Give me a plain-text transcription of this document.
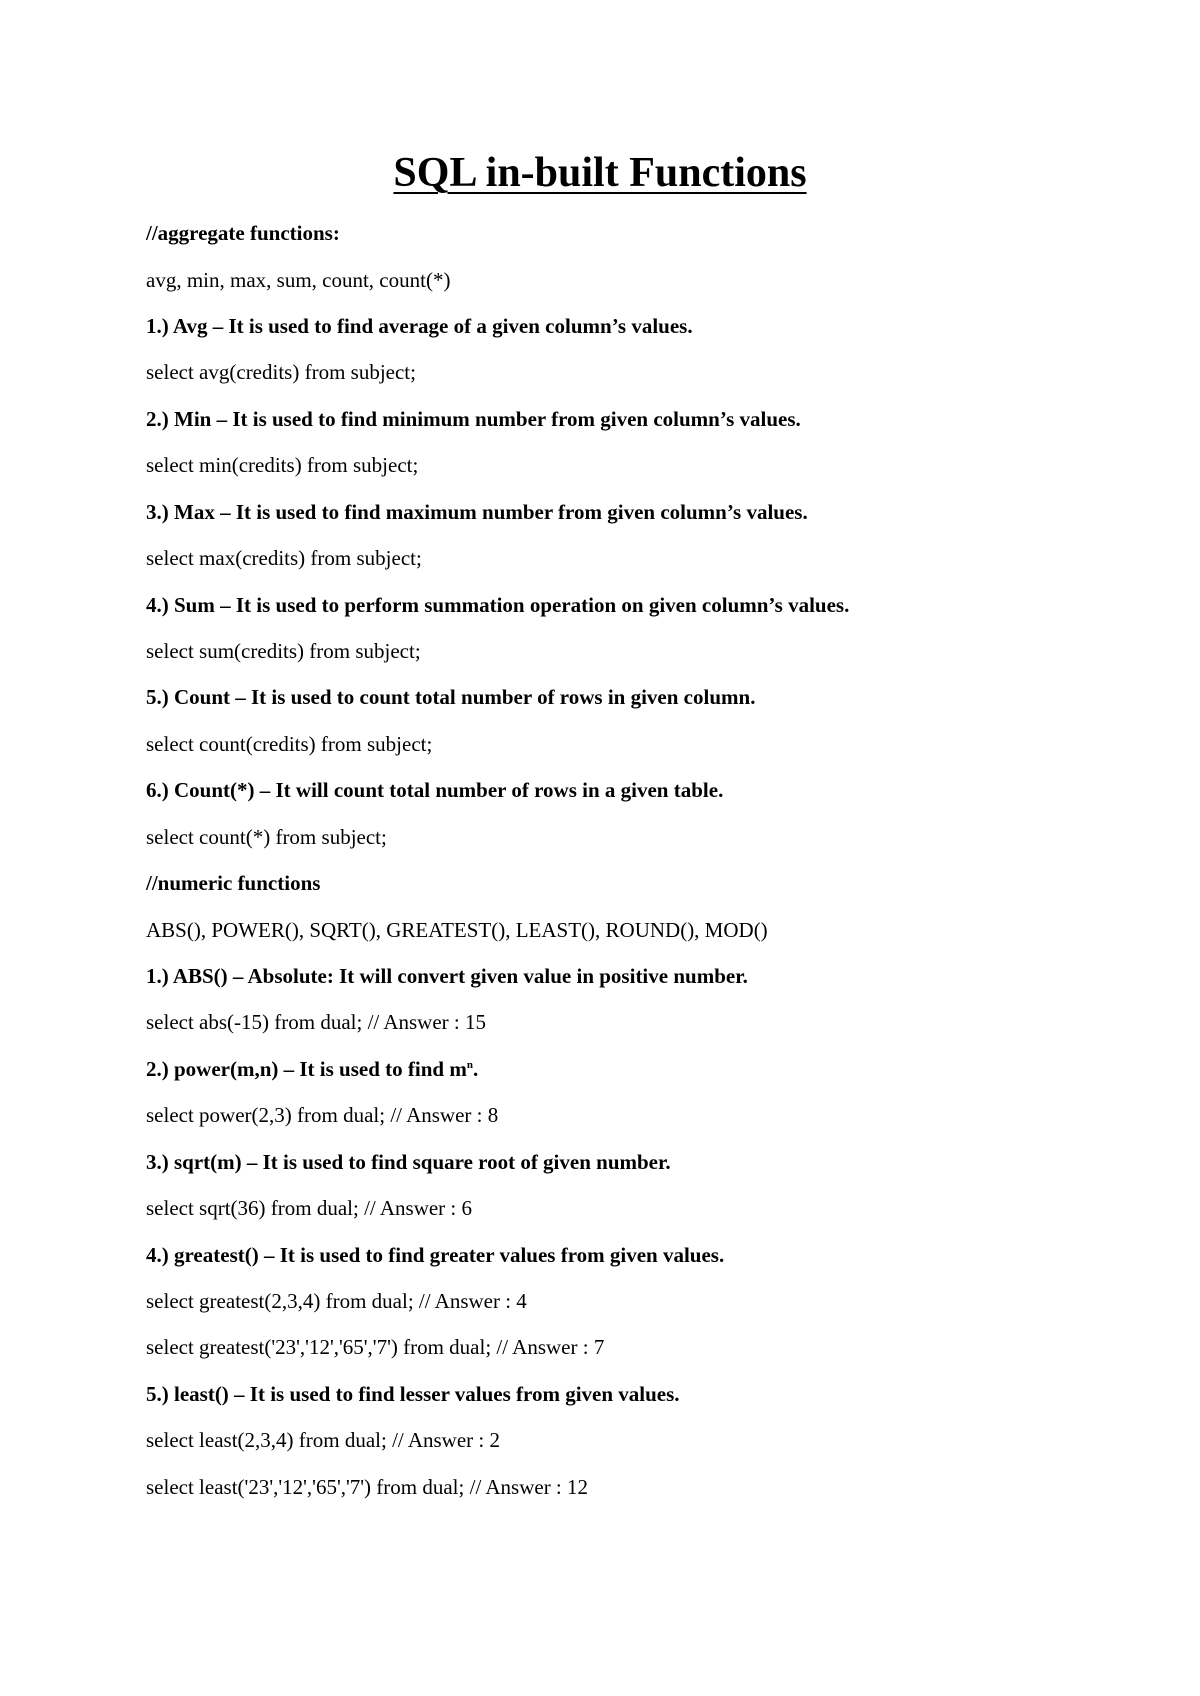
SQL in-built Functions

//aggregate functions:

avg, min, max, sum, count, count(*)

1.) Avg – It is used to find average of a given column’s values.

select avg(credits) from subject;

2.) Min – It is used to find minimum number from given column’s values.

select min(credits) from subject;

3.) Max – It is used to find maximum number from given column’s values.

select max(credits) from subject;

4.) Sum – It is used to perform summation operation on given column’s values.

select sum(credits) from subject;

5.) Count – It is used to count total number of rows in given column.

select count(credits) from subject;

6.) Count(*) – It will count total number of rows in a given table.

select count(*) from subject;

//numeric functions

ABS(), POWER(), SQRT(), GREATEST(), LEAST(), ROUND(), MOD()

1.) ABS() – Absolute: It will convert given value in positive number.

select abs(-15) from dual; // Answer : 15

2.) power(m,n) – It is used to find $m^n$.

select power(2,3) from dual; // Answer : 8

3.) sqrt(m) – It is used to find square root of given number.

select sqrt(36) from dual; // Answer : 6

4.) greatest() – It is used to find greater values from given values.

select greatest(2,3,4) from dual; // Answer : 4

select greatest('23','12','65','7') from dual; // Answer : 7

5.) least() – It is used to find lesser values from given values.

select least(2,3,4) from dual; // Answer : 2

select least('23','12','65','7') from dual; // Answer : 12
